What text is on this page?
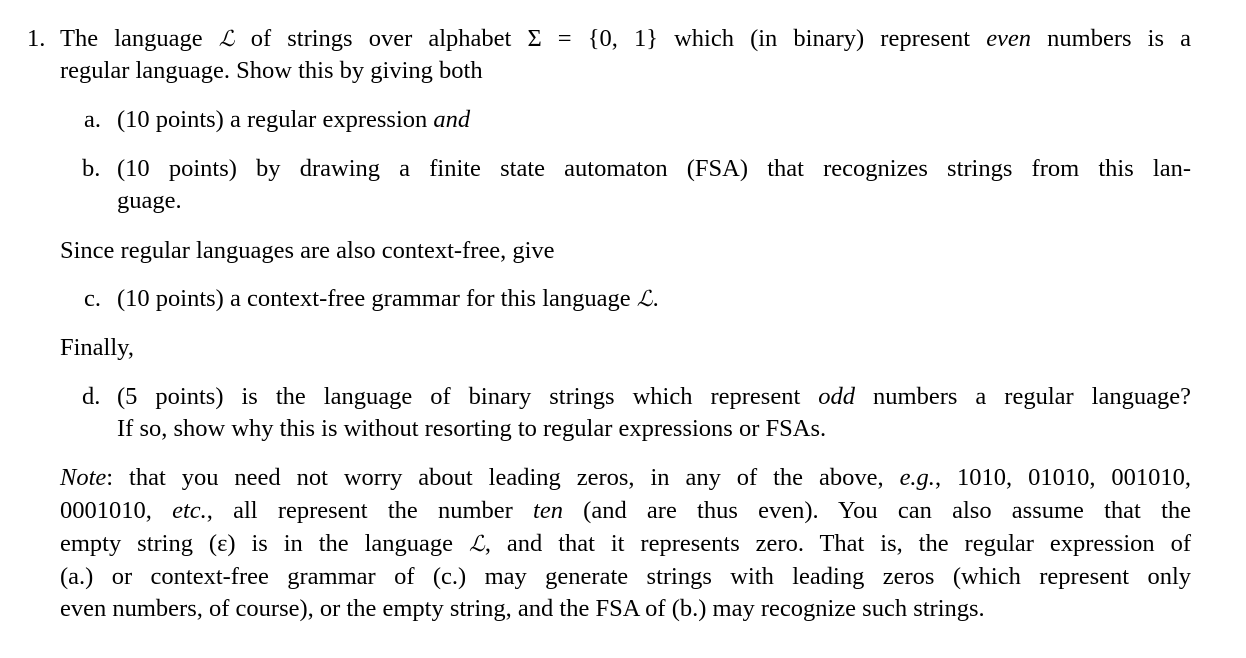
1. The language ℒ of strings over alphabet Σ = {0, 1} which (in binary) represent even numbers is a
regular language. Show this by giving both
a. (10 points) a regular expression and
b. (10 points) by drawing a finite state automaton (FSA) that recognizes strings from this lan-
guage.
Since regular languages are also context-free, give
c. (10 points) a context-free grammar for this language ℒ.
Finally,
d. (5 points) is the language of binary strings which represent odd numbers a regular language?
If so, show why this is without resorting to regular expressions or FSAs.
Note: that you need not worry about leading zeros, in any of the above, e.g., 1010, 01010, 001010,
0001010, etc., all represent the number ten (and are thus even). You can also assume that the
empty string (ε) is in the language ℒ, and that it represents zero. That is, the regular expression of
(a.) or context-free grammar of (c.) may generate strings with leading zeros (which represent only
even numbers, of course), or the empty string, and the FSA of (b.) may recognize such strings.
